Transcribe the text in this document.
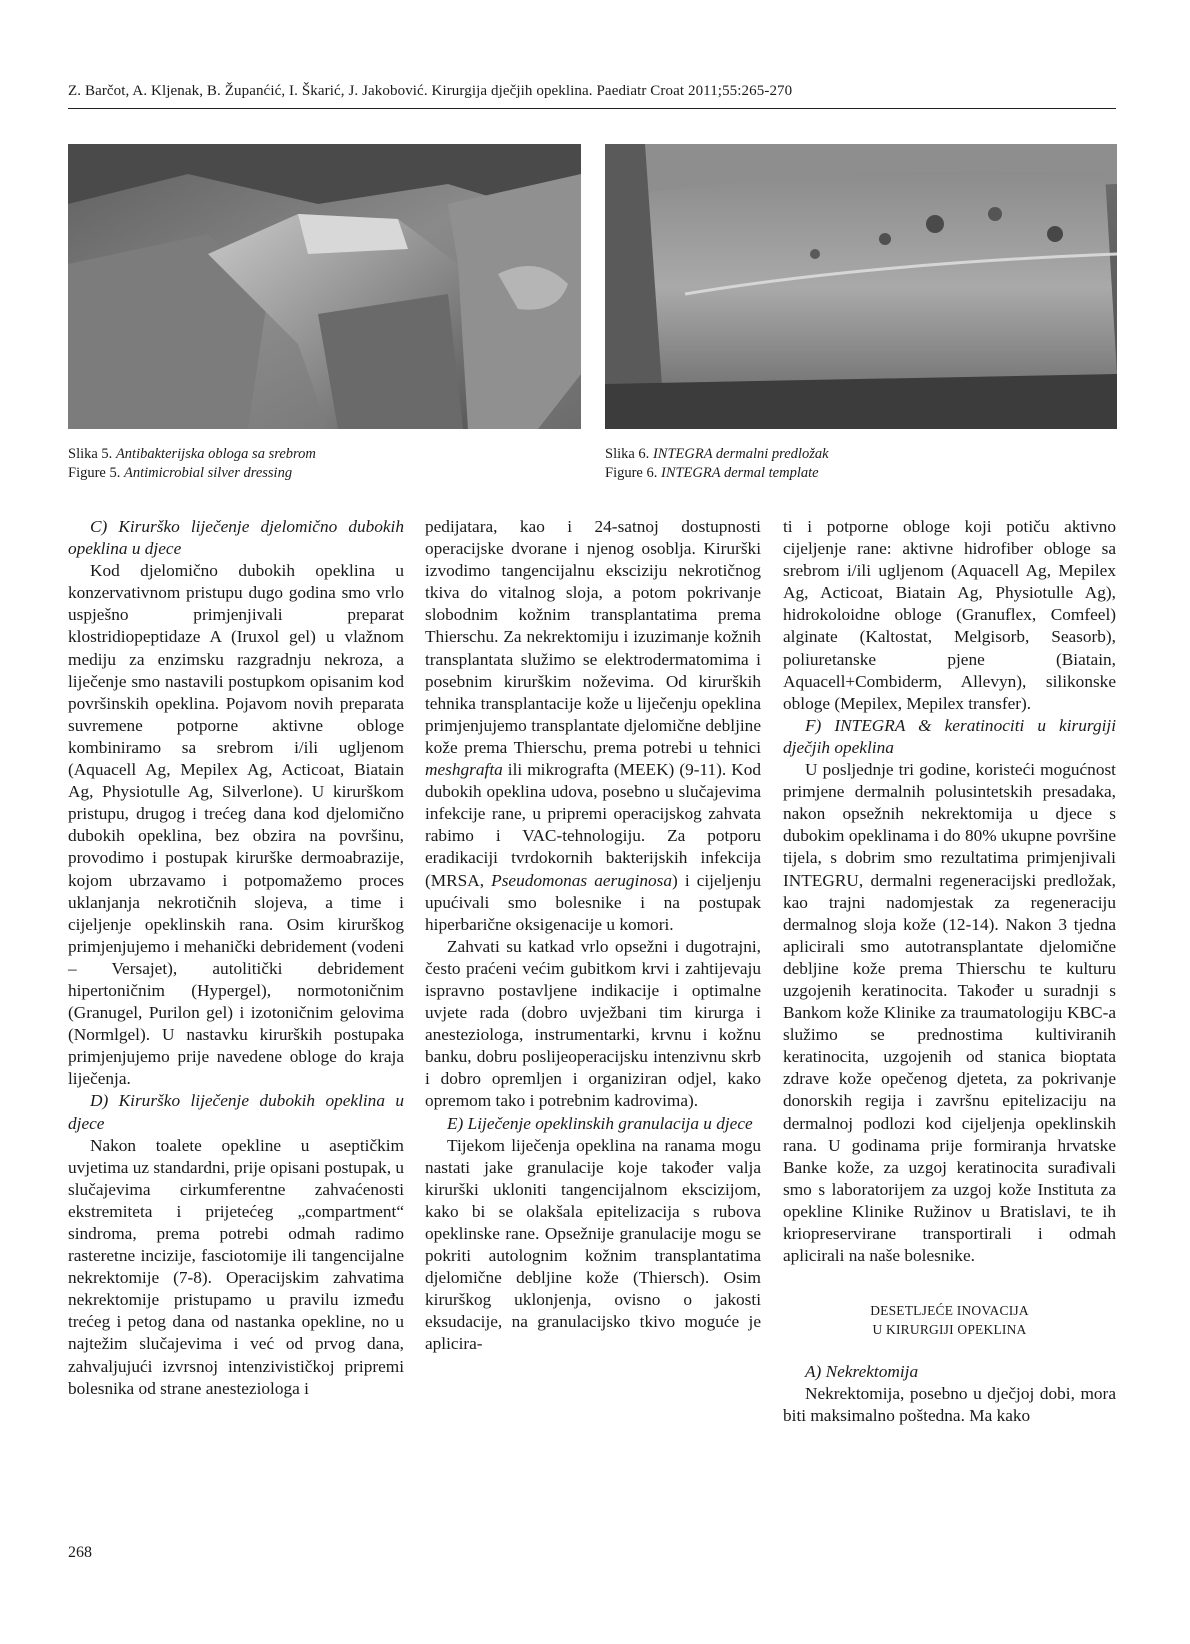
Z. Barčot, A. Kljenak, B. Županćić, I. Škarić, J. Jakobović. Kirurgija dječjih opeklina. Paediatr Croat 2011;55:265-270
Slika 5. Antibakterijska obloga sa srebrom
Figure 5. Antimicrobial silver dressing
Slika 6. INTEGRA dermalni predložak
Figure 6. INTEGRA dermal template

C) Kirurško liječenje djelomično dubokih opeklina u djece

Kod djelomično dubokih opeklina u konzervativnom pristupu dugo godina smo vrlo uspješno primjenjivali preparat klostridiopeptidaze A (Iruxol gel) u vlažnom mediju za enzimsku razgradnju nekroza, a liječenje smo nastavili postupkom opisanim kod površinskih opeklina. Pojavom novih preparata suvremene potporne aktivne obloge kombiniramo sa srebrom i/ili ugljenom (Aquacell Ag, Mepilex Ag, Acticoat, Biatain Ag, Physiotulle Ag, Silverlone). U kirurškom pristupu, drugog i trećeg dana kod djelomično dubokih opeklina, bez obzira na površinu, provodimo i postupak kirurške dermoabrazije, kojom ubrzavamo i potpomažemo proces uklanjanja nekrotičnih slojeva, a time i cijeljenje opeklinskih rana. Osim kirurškog primjenjujemo i mehanički debridement (vodeni – Versajet), autolitički debridement hipertoničnim (Hypergel), normotoničnim (Granugel, Purilon gel) i izotoničnim gelovima (Normlgel). U nastavku kirurških postupaka primjenjujemo prije navedene obloge do kraja liječenja.

D) Kirurško liječenje dubokih opeklina u djece

Nakon toalete opekline u aseptičkim uvjetima uz standardni, prije opisani postupak, u slučajevima cirkumferentne zahvaćenosti ekstremiteta i prijetećeg „compartment“ sindroma, prema potrebi odmah radimo rasteretne incizije, fasciotomije ili tangencijalne nekrektomije (7-8). Operacijskim zahvatima nekrektomije pristupamo u pravilu između trećeg i petog dana od nastanka opekline, no u najtežim slučajevima i već od prvog dana, zahvaljujući izvrsnoj intenzivističkoj pripremi bolesnika od strane anesteziologa i

pedijatara, kao i 24-satnoj dostupnosti operacijske dvorane i njenog osoblja. Kirurški izvodimo tangencijalnu eksciziju nekrotičnog tkiva do vitalnog sloja, a potom pokrivanje slobodnim kožnim transplantatima prema Thierschu. Za nekrektomiju i izuzimanje kožnih transplantata služimo se elektrodermatomima i posebnim kirurškim noževima. Od kirurških tehnika transplantacije kože u liječenju opeklina primjenjujemo transplantate djelomične debljine kože prema Thierschu, prema potrebi u tehnici meshgrafta ili mikrografta (MEEK) (9-11). Kod dubokih opeklina udova, posebno u slučajevima infekcije rane, u pripremi operacijskog zahvata rabimo i VAC-tehnologiju. Za potporu eradikaciji tvrdokornih bakterijskih infekcija (MRSA, Pseudomonas aeruginosa) i cijeljenju upućivali smo bolesnike i na postupak hiperbarične oksigenacije u komori.

Zahvati su katkad vrlo opsežni i dugotrajni, često praćeni većim gubitkom krvi i zahtijevaju ispravno postavljene indikacije i optimalne uvjete rada (dobro uvježbani tim kirurga i anesteziologa, instrumentarki, krvnu i kožnu banku, dobru poslijeoperacijsku intenzivnu skrb i dobro opremljen i organiziran odjel, kako opremom tako i potrebnim kadrovima).

E) Liječenje opeklinskih granulacija u djece

Tijekom liječenja opeklina na ranama mogu nastati jake granulacije koje također valja kirurški ukloniti tangencijalnom ekscizijom, kako bi se olakšala epitelizacija s rubova opeklinske rane. Opsežnije granulacije mogu se pokriti autolognim kožnim transplantatima djelomične debljine kože (Thiersch). Osim kirurškog uklonjenja, ovisno o jakosti eksudacije, na granulacijsko tkivo moguće je aplicira-

ti i potporne obloge koji potiču aktivno cijeljenje rane: aktivne hidrofiber obloge sa srebrom i/ili ugljenom (Aquacell Ag, Mepilex Ag, Acticoat, Biatain Ag, Physiotulle Ag), hidrokoloidne obloge (Granuflex, Comfeel) alginate (Kaltostat, Melgisorb, Seasorb), poliuretanske pjene (Biatain, Aquacell+Combiderm, Allevyn), silikonske obloge (Mepilex, Mepilex transfer).

F) INTEGRA & keratinociti u kirurgiji dječjih opeklina

U posljednje tri godine, koristeći mogućnost primjene dermalnih polusintetskih presadaka, nakon opsežnih nekrektomija u djece s dubokim opeklinama i do 80% ukupne površine tijela, s dobrim smo rezultatima primjenjivali INTEGRU, dermalni regeneracijski predložak, kao trajni nadomjestak za regeneraciju dermalnog sloja kože (12-14). Nakon 3 tjedna aplicirali smo autotransplantate djelomične debljine kože prema Thierschu te kulturu uzgojenih keratinocita. Također u suradnji s Bankom kože Klinike za traumatologiju KBC-a služimo se prednostima kultiviranih keratinocita, uzgojenih od stanica bioptata zdrave kože opečenog djeteta, za pokrivanje donorskih regija i završnu epitelizaciju na dermalnoj podlozi kod cijeljenja opeklinskih rana. U godinama prije formiranja hrvatske Banke kože, za uzgoj keratinocita surađivali smo s laboratorijem za uzgoj kože Instituta za opekline Klinike Ružinov u Bratislavi, te ih kriopreservirane transportirali i odmah aplicirali na naše bolesnike.

DESETLJEĆE INOVACIJA

U KIRURGIJI OPEKLINA

A) Nekrektomija

Nekrektomija, posebno u dječjoj dobi, mora biti maksimalno poštedna. Ma kako

268
